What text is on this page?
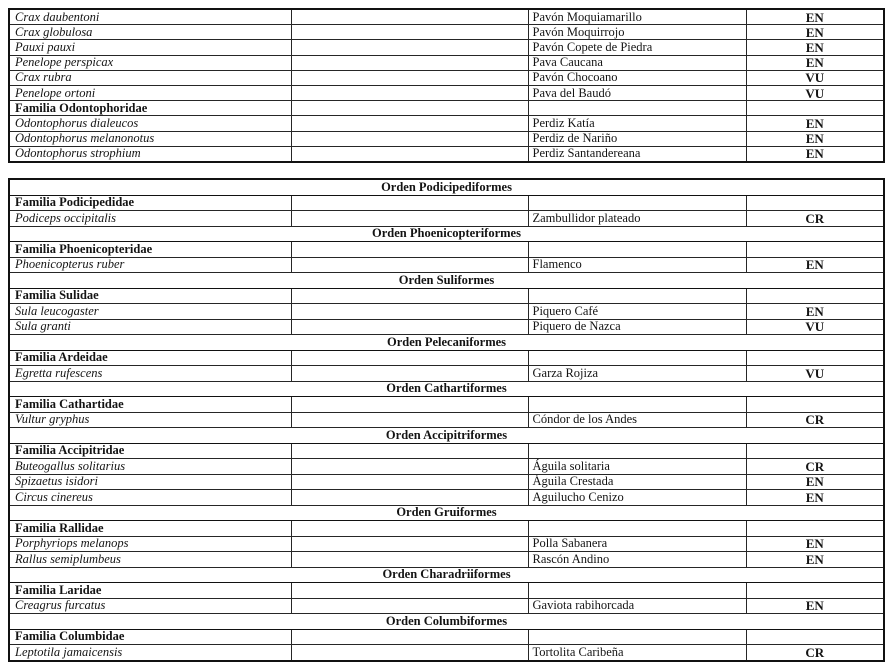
Crax daubentoni		Pavón Moquiamarillo	EN
Crax globulosa		Pavón Moquirrojo	EN
Pauxi pauxi		Pavón Copete de Piedra	EN
Penelope perspicax		Pava Caucana	EN
Crax rubra		Pavón Chocoano	VU
Penelope ortoni		Pava del Baudó	VU
Familia Odontophoridae			
Odontophorus dialeucos		Perdiz Katía	EN
Odontophorus melanonotus		Perdiz de Nariño	EN
Odontophorus strophium		Perdiz Santandereana	EN
Orden Podicipediformes			
Familia Podicipedidae			
Podiceps occipitalis		Zambullidor plateado	CR
Orden Phoenicopteriformes			
Familia Phoenicopteridae			
Phoenicopterus ruber		Flamenco	EN
Orden Suliformes			
Familia Sulidae			
Sula leucogaster		Piquero Café	EN
Sula granti		Piquero de Nazca	VU
Orden Pelecaniformes			
Familia Ardeidae			
Egretta rufescens		Garza Rojiza	VU
Orden Cathartiformes			
Familia Cathartidae			
Vultur gryphus		Cóndor de los Andes	CR
Orden Accipitriformes			
Familia Accipitridae			
Buteogallus solitarius		Águila solitaria	CR
Spizaetus isidori		Águila Crestada	EN
Circus cinereus		Aguilucho Cenizo	EN
Orden Gruiformes			
Familia Rallidae			
Porphyriops melanops		Polla Sabanera	EN
Rallus semiplumbeus		Rascón Andino	EN
Orden Charadriiformes			
Familia Laridae			
Creagrus furcatus		Gaviota rabihorcada	EN
Orden Columbiformes			
Familia Columbidae			
Leptotila jamaicensis		Tortolita Caribeña	CR
